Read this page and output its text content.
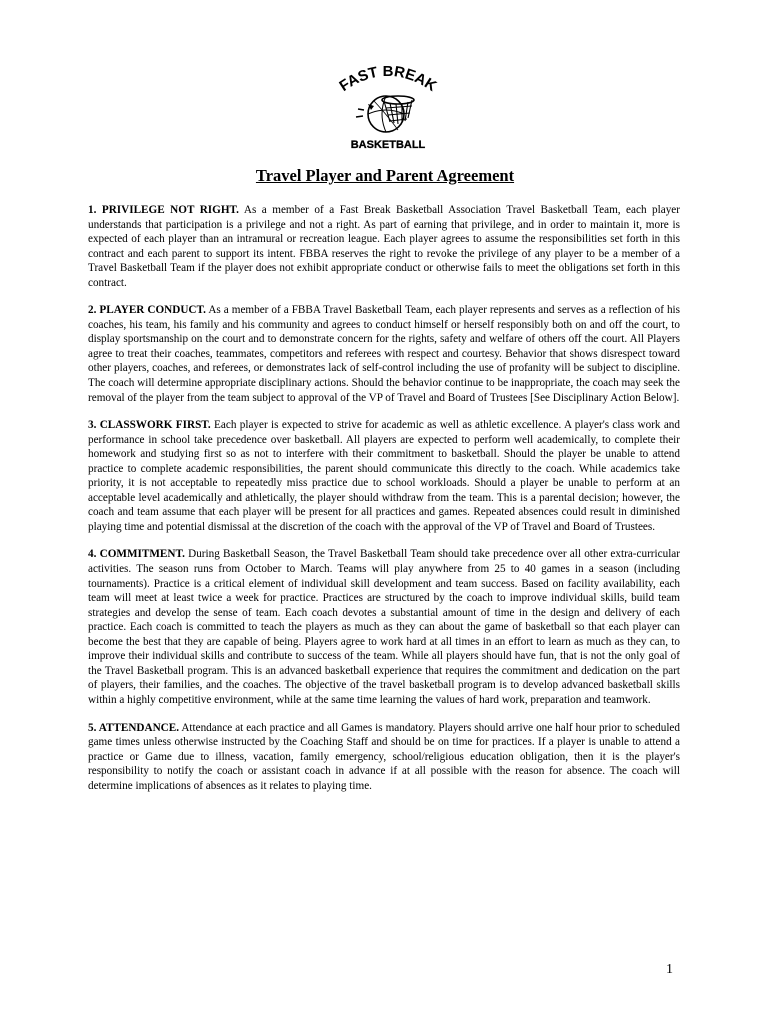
AST BREAK
BASKETBALL
Travel Player and Parent Agreement

1. PRIVILEGE NOT RIGHT. As a member of a Fast Break Basketball Association Travel Basketball Team, each player understands that participation is a privilege and not a right. As part of earning that privilege, and in order to maintain it, more is expected of each player than an intramural or recreation league. Each player agrees to assume the responsibilities set forth in this contract and each parent to support its intent. FBBA reserves the right to revoke the privilege of any player to be a member of a Travel Basketball Team if the player does not exhibit appropriate conduct or otherwise fails to meet the obligations set forth in this contract.

2. PLAYER CONDUCT. As a member of a FBBA Travel Basketball Team, each player represents and serves as a reflection of his coaches, his team, his family and his community and agrees to conduct himself or herself responsibly both on and off the court, to display sportsmanship on the court and to demonstrate concern for the rights, safety and welfare of others off the court. All Players agree to treat their coaches, teammates, competitors and referees with respect and courtesy. Behavior that shows disrespect toward other players, coaches, and referees, or demonstrates lack of self-control including the use of profanity will be subject to discipline. The coach will determine appropriate disciplinary actions. Should the behavior continue to be inappropriate, the coach may seek the removal of the player from the team subject to approval of the VP of Travel and Board of Trustees [See Disciplinary Action Below].

3. CLASSWORK FIRST. Each player is expected to strive for academic as well as athletic excellence. A player's class work and performance in school take precedence over basketball. All players are expected to perform well academically, to complete their homework and studying first so as not to interfere with their commitment to basketball. Should the player be unable to attend practice to complete academic responsibilities, the parent should communicate this directly to the coach. While academics take priority, it is not acceptable to repeatedly miss practice due to school workloads. Should a player be unable to perform at an acceptable level academically and athletically, the player should withdraw from the team. This is a parental decision; however, the coach and team assume that each player will be present for all practices and games. Repeated absences could result in diminished playing time and potential dismissal at the discretion of the coach with the approval of the VP of Travel and Board of Trustees.

4. COMMITMENT. During Basketball Season, the Travel Basketball Team should take precedence over all other extra-curricular activities. The season runs from October to March. Teams will play anywhere from 25 to 40 games in a season (including tournaments). Practice is a critical element of individual skill development and team success. Based on facility availability, each team will meet at least twice a week for practice. Practices are structured by the coach to improve individual skills, build team strategies and develop the sense of team. Each coach devotes a substantial amount of time in the design and delivery of each practice. Each coach is committed to teach the players as much as they can about the game of basketball so that each player can become the best that they are capable of being. Players agree to work hard at all times in an effort to learn as much as they can, to improve their individual skills and contribute to success of the team. While all players should have fun, that is not the only goal of the Travel Basketball program. This is an advanced basketball experience that requires the commitment and dedication on the part of players, their families, and the coaches. The objective of the travel basketball program is to develop advanced basketball skills within a highly competitive environment, while at the same time learning the values of hard work, preparation and teamwork.

5. ATTENDANCE. Attendance at each practice and all Games is mandatory. Players should arrive one half hour prior to scheduled game times unless otherwise instructed by the Coaching Staff and should be on time for practices. If a player is unable to attend a practice or Game due to illness, vacation, family emergency, school/religious education obligation, then it is the player's responsibility to notify the coach or assistant coach in advance if at all possible with the reason for absence. The coach will determine implications of absences as it relates to playing time.

1
